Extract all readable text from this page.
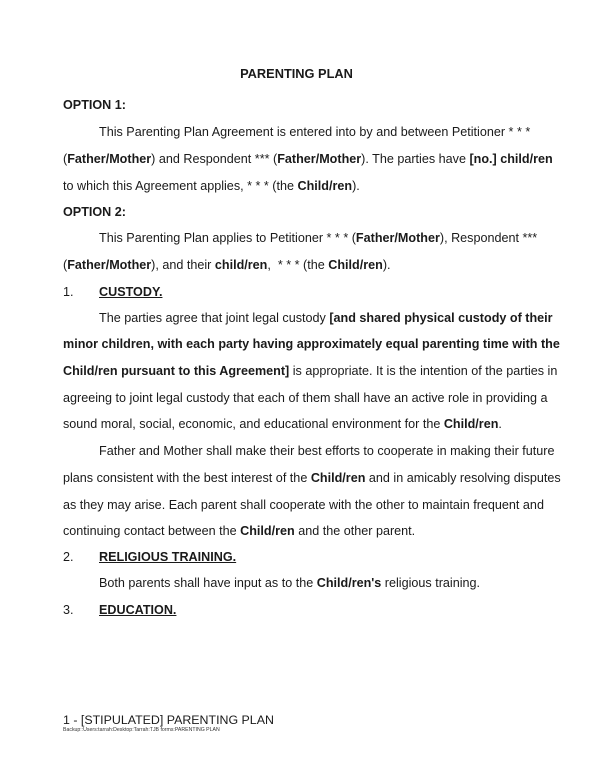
PARENTING PLAN
OPTION 1:
This Parenting Plan Agreement is entered into by and between Petitioner * * *
(Father/Mother) and Respondent *** (Father/Mother). The parties have [no.] child/ren
to which this Agreement applies, * * * (the Child/ren).
OPTION 2:
This Parenting Plan applies to Petitioner * * * (Father/Mother), Respondent ***
(Father/Mother), and their child/ren,  * * * (the Child/ren).
1. CUSTODY.
The parties agree that joint legal custody [and shared physical custody of their
minor children, with each party having approximately equal parenting time with the
Child/ren pursuant to this Agreement] is appropriate. It is the intention of the parties in
agreeing to joint legal custody that each of them shall have an active role in providing a
sound moral, social, economic, and educational environment for the Child/ren.
Father and Mother shall make their best efforts to cooperate in making their future
plans consistent with the best interest of the Child/ren and in amicably resolving disputes
as they may arise. Each parent shall cooperate with the other to maintain frequent and
continuing contact between the Child/ren and the other parent.
2. RELIGIOUS TRAINING.
Both parents shall have input as to the Child/ren's religious training.
3. EDUCATION.
1 - [STIPULATED] PARENTING PLAN
Backup::Users:tarrah:Desktop:Tarrah:TJB forms:PARENTING PLAN
